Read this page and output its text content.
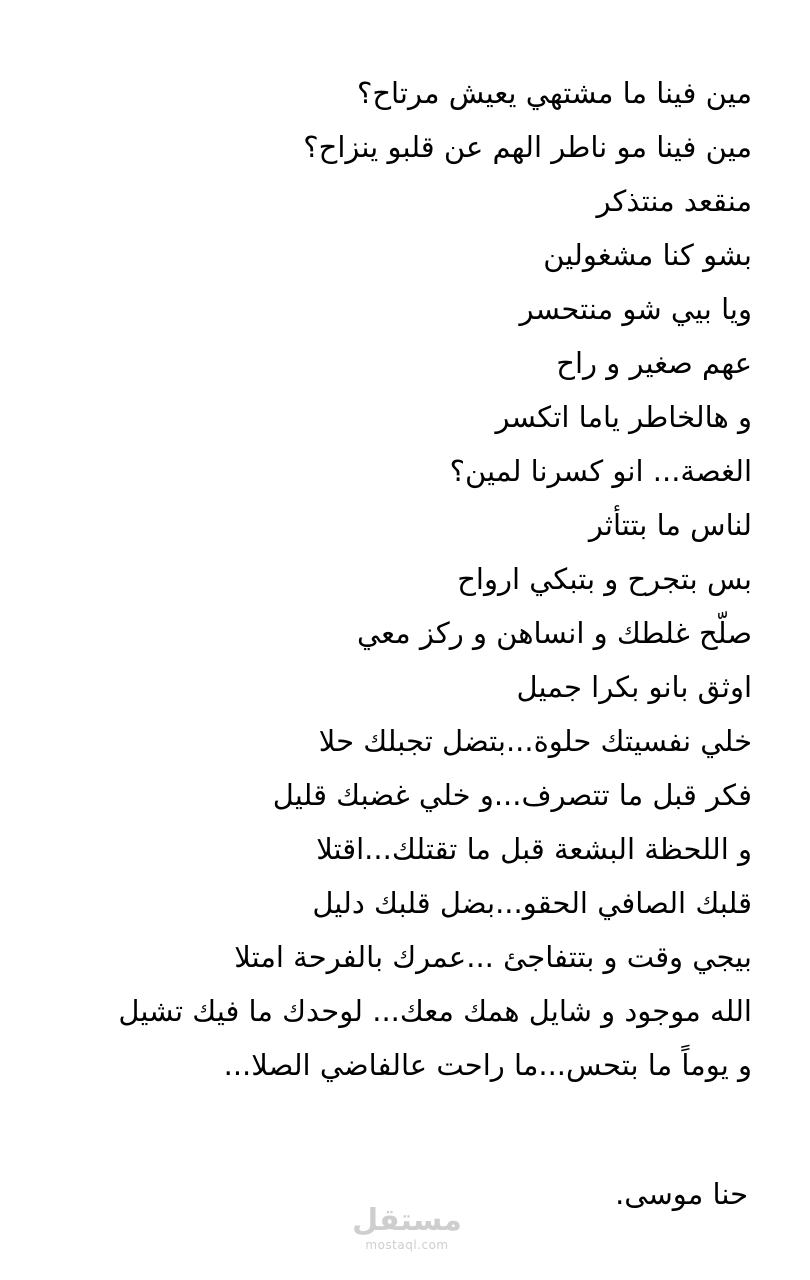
مين فينا ما مشتهي يعيش مرتاح؟
مين فينا مو ناطر الهم عن قلبو ينزاح؟
منقعد منتذكر
بشو كنا مشغولين
ويا بيي شو منتحسر
عهم صغير و راح
و هالخاطر ياما اتكسر
الغصة... انو كسرنا لمين؟
لناس ما بتتأثر
بس بتجرح و بتبكي ارواح
صلّح غلطك و انساهن و ركز معي
اوثق بانو بكرا جميل
خلي نفسيتك حلوة...بتضل تجبلك حلا
فكر قبل ما تتصرف...و خلي غضبك قليل
و اللحظة البشعة قبل ما تقتلك...اقتلا
قلبك الصافي الحقو...بضل قلبك دليل
بيجي وقت و بتتفاجئ ...عمرك بالفرحة امتلا
الله موجود و شايل همك معك... لوحدك ما فيك تشيل
و يوماً ما بتحس...ما راحت عالفاضي الصلا...
حنا موسى.
مستقل
mostaql.com
